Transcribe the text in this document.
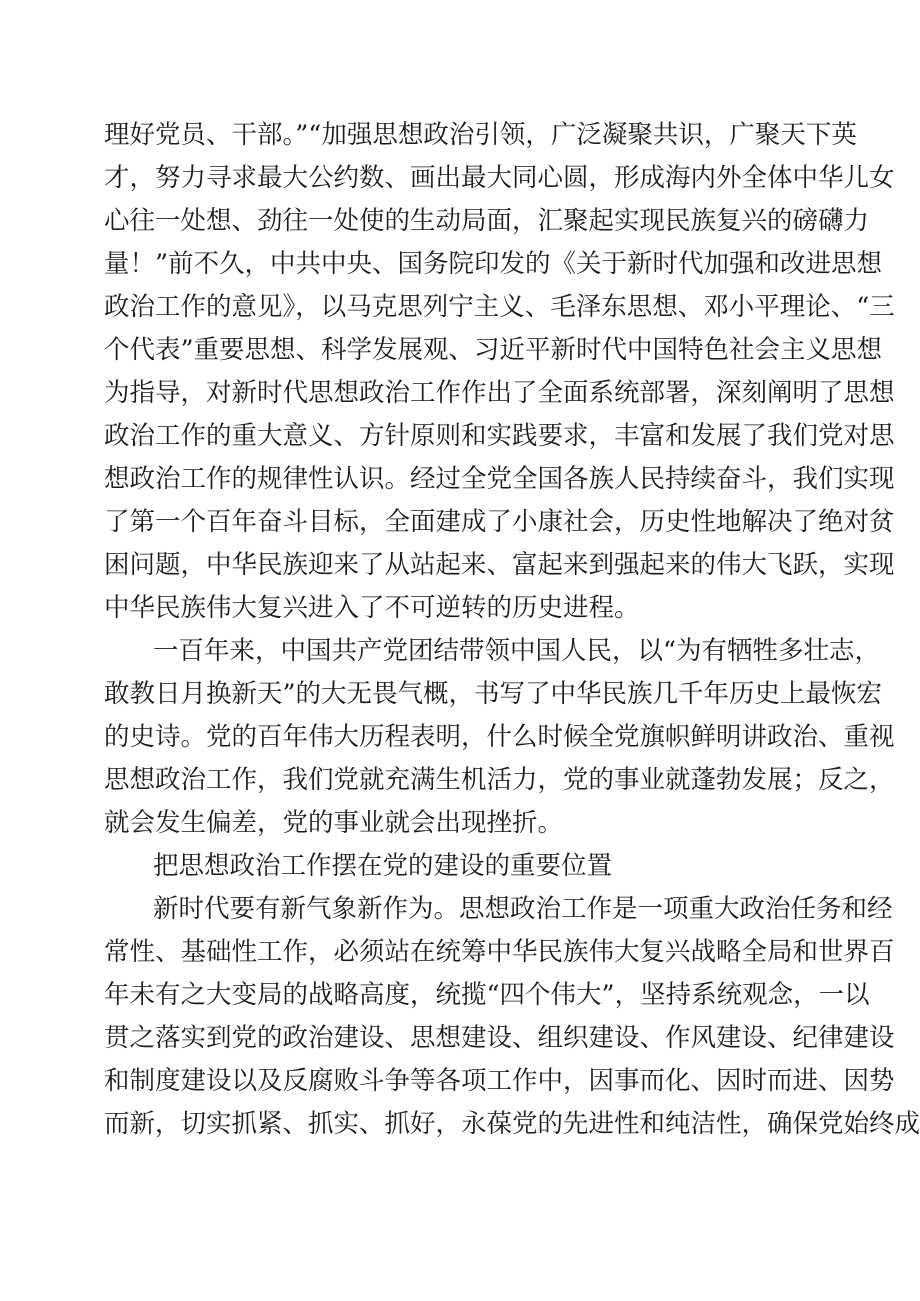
理好党员、干部。”“加强思想政治引领，广泛凝聚共识，广聚天下英
才，努力寻求最大公约数、画出最大同心圆，形成海内外全体中华儿女
心往一处想、劲往一处使的生动局面，汇聚起实现民族复兴的磅礴力
量！”前不久，中共中央、国务院印发的《关于新时代加强和改进思想
政治工作的意见》，以马克思列宁主义、毛泽东思想、邓小平理论、“三
个代表”重要思想、科学发展观、习近平新时代中国特色社会主义思想
为指导，对新时代思想政治工作作出了全面系统部署，深刻阐明了思想
政治工作的重大意义、方针原则和实践要求，丰富和发展了我们党对思
想政治工作的规律性认识。经过全党全国各族人民持续奋斗，我们实现
了第一个百年奋斗目标，全面建成了小康社会，历史性地解决了绝对贫
困问题，中华民族迎来了从站起来、富起来到强起来的伟大飞跃，实现
中华民族伟大复兴进入了不可逆转的历史进程。
一百年来，中国共产党团结带领中国人民，以“为有牺牲多壮志，
敢教日月换新天”的大无畏气概，书写了中华民族几千年历史上最恢宏
的史诗。党的百年伟大历程表明，什么时候全党旗帜鲜明讲政治、重视
思想政治工作，我们党就充满生机活力，党的事业就蓬勃发展；反之，
就会发生偏差，党的事业就会出现挫折。
把思想政治工作摆在党的建设的重要位置
新时代要有新气象新作为。思想政治工作是一项重大政治任务和经
常性、基础性工作，必须站在统筹中华民族伟大复兴战略全局和世界百
年未有之大变局的战略高度，统揽“四个伟大”，坚持系统观念，一以
贯之落实到党的政治建设、思想建设、组织建设、作风建设、纪律建设
和制度建设以及反腐败斗争等各项工作中，因事而化、因时而进、因势
而新，切实抓紧、抓实、抓好，永葆党的先进性和纯洁性，确保党始终成
